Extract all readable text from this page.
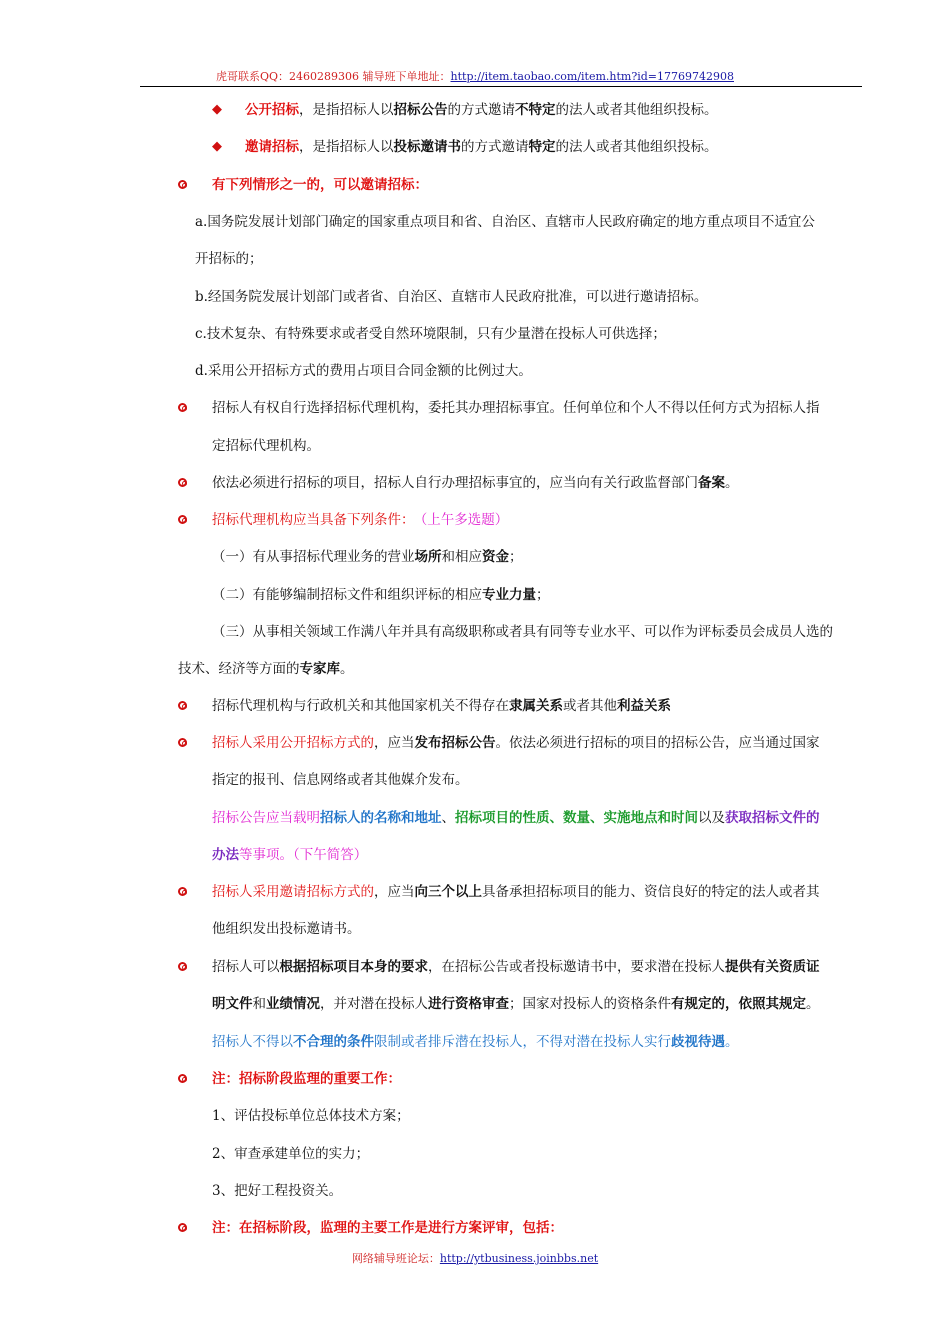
虎哥联系QQ：2460289306 辅导班下单地址：http://item.taobao.com/item.htm?id=17769742908
◆ 公开招标，是指招标人以招标公告的方式邀请不特定的法人或者其他组织投标。
◆ 邀请招标，是指招标人以投标邀请书的方式邀请特定的法人或者其他组织投标。
有下列情形之一的，可以邀请招标：
a.国务院发展计划部门确定的国家重点项目和省、自治区、直辖市人民政府确定的地方重点项目不适宜公
开招标的；
b.经国务院发展计划部门或者省、自治区、直辖市人民政府批准，可以进行邀请招标。
c.技术复杂、有特殊要求或者受自然环境限制，只有少量潜在投标人可供选择；
d.采用公开招标方式的费用占项目合同金额的比例过大。
招标人有权自行选择招标代理机构，委托其办理招标事宜。任何单位和个人不得以任何方式为招标人指
定招标代理机构。
依法必须进行招标的项目，招标人自行办理招标事宜的，应当向有关行政监督部门备案。
招标代理机构应当具备下列条件： （上午多选题）
（一）有从事招标代理业务的营业场所和相应资金；
（二）有能够编制招标文件和组织评标的相应专业力量；
（三）从事相关领域工作满八年并具有高级职称或者具有同等专业水平、可以作为评标委员会成员人选的
技术、经济等方面的专家库。
招标代理机构与行政机关和其他国家机关不得存在隶属关系或者其他利益关系
招标人采用公开招标方式的，应当发布招标公告。依法必须进行招标的项目的招标公告，应当通过国家
指定的报刊、信息网络或者其他媒介发布。
招标公告应当载明招标人的名称和地址、招标项目的性质、数量、实施地点和时间以及获取招标文件的
办法等事项。（下午简答）
招标人采用邀请招标方式的，应当向三个以上具备承担招标项目的能力、资信良好的特定的法人或者其
他组织发出投标邀请书。
招标人可以根据招标项目本身的要求，在招标公告或者投标邀请书中，要求潜在投标人提供有关资质证
明文件和业绩情况，并对潜在投标人进行资格审查；国家对投标人的资格条件有规定的，依照其规定。
招标人不得以不合理的条件限制或者排斥潜在投标人，不得对潜在投标人实行歧视待遇。
注：招标阶段监理的重要工作：
1、评估投标单位总体技术方案；
2、审查承建单位的实力；
3、把好工程投资关。
注：在招标阶段，监理的主要工作是进行方案评审，包括：
网络辅导班论坛：http://ytbusiness.joinbbs.net
